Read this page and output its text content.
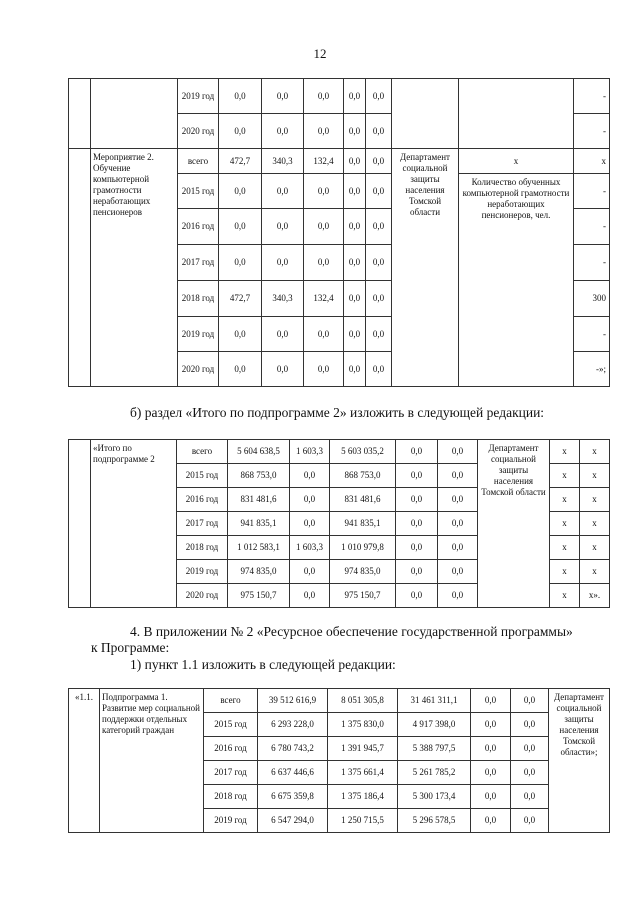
12
		2019 год	0,0	0,0	0,0	0,0	0,0			-
		2020 год	0,0	0,0	0,0	0,0	0,0			-
	Мероприятие 2. Обучение компьютерной грамотности неработающих пенсионеров	всего	472,7	340,3	132,4	0,0	0,0	Департамент социальной защиты населения Томской области	x	x
		2015 год	0,0	0,0	0,0	0,0	0,0		Количество обученных компьютерной грамотности неработающих пенсионеров, чел.	-
		2016 год	0,0	0,0	0,0	0,0	0,0			-
		2017 год	0,0	0,0	0,0	0,0	0,0			-
		2018 год	472,7	340,3	132,4	0,0	0,0			300
		2019 год	0,0	0,0	0,0	0,0	0,0			-
		2020 год	0,0	0,0	0,0	0,0	0,0			-»;
б) раздел «Итого по подпрограмме 2» изложить в следующей редакции:
	«Итого по подпрограмме 2	всего	5 604 638,5	1 603,3	5 603 035,2	0,0	0,0	Департамент социальной защиты населения Томской области	x	x
		2015 год	868 753,0	0,0	868 753,0	0,0	0,0		x	x
		2016 год	831 481,6	0,0	831 481,6	0,0	0,0		x	x
		2017 год	941 835,1	0,0	941 835,1	0,0	0,0		x	x
		2018 год	1 012 583,1	1 603,3	1 010 979,8	0,0	0,0		x	x
		2019 год	974 835,0	0,0	974 835,0	0,0	0,0		x	x
		2020 год	975 150,7	0,0	975 150,7	0,0	0,0		x	x».
4. В приложении № 2 «Ресурсное обеспечение государственной программы»
к Программе:
1) пункт 1.1 изложить в следующей редакции:
«1.1.	Подпрограмма 1. Развитие мер социальной поддержки отдельных категорий граждан	всего	39 512 616,9	8 051 305,8	31 461 311,1	0,0	0,0	Департамент социальной защиты населения Томской области»;
		2015 год	6 293 228,0	1 375 830,0	4 917 398,0	0,0	0,0	
		2016 год	6 780 743,2	1 391 945,7	5 388 797,5	0,0	0,0	
		2017 год	6 637 446,6	1 375 661,4	5 261 785,2	0,0	0,0	
		2018 год	6 675 359,8	1 375 186,4	5 300 173,4	0,0	0,0	
		2019 год	6 547 294,0	1 250 715,5	5 296 578,5	0,0	0,0	
